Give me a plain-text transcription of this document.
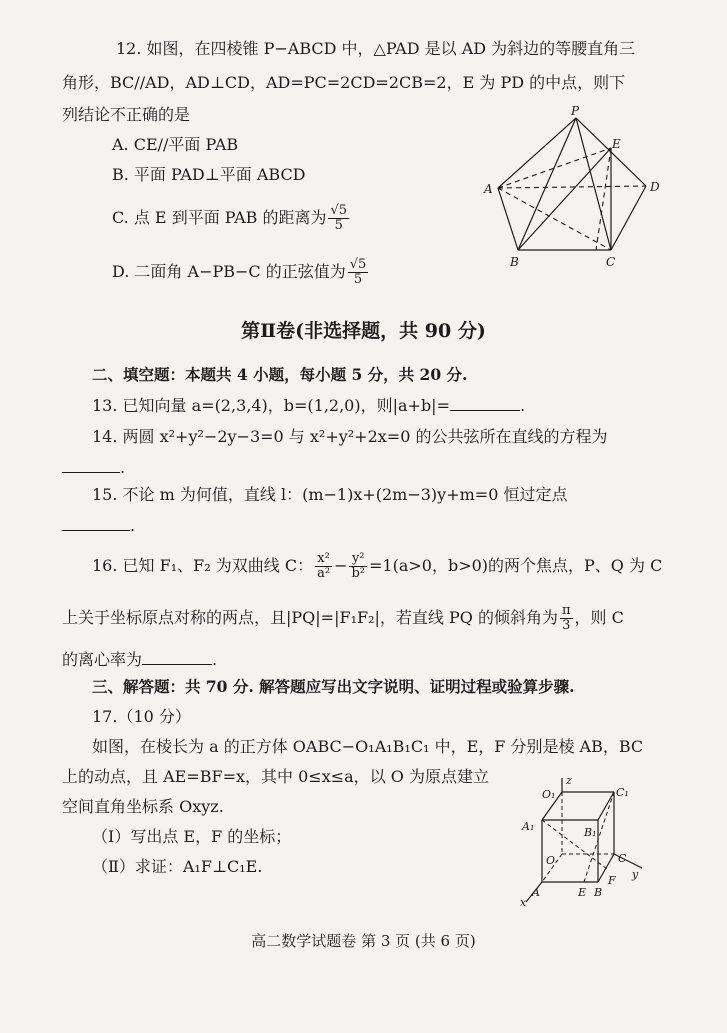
12. 如图，在四棱锥 P−ABCD 中，△PAD 是以 AD 为斜边的等腰直角三
角形，BC//AD，AD⊥CD，AD=PC=2CD=2CB=2，E 为 PD 的中点，则下
列结论不正确的是
A. CE//平面 PAB
B. 平面 PAD⊥平面 ABCD
C. 点 E 到平面 PAB 的距离为 $\frac{√5}{5}$
D. 二面角 A−PB−C 的正弦值为 $\frac{√5}{5}$
P
E
A	D
B	C
第Ⅱ卷(非选择题，共 90 分)
二、填空题：本题共 4 小题，每小题 5 分，共 20 分.
13. 已知向量 a=(2,3,4)，b=(1,2,0)，则|a+b|=	.
14. 两圆 x²+y²−2y−3=0 与 x²+y²+2x=0 的公共弦所在直线的方程为
.
15. 不论 m 为何值，直线 l：(m−1)x+(2m−3)y+m=0 恒过定点
.
16. 已知 F₁、F₂ 为双曲线 C： $\frac{\text{x²}}{\text{a²}} - \frac{\text{y²}}{\text{b²}} =1(a>0$，b>0)的两个焦点，P、Q 为 C
上关于坐标原点对称的两点，且|PQ|=|F₁F₂|，若直线 PQ 的倾斜角为 $\frac{\pi}{3}$ ，则 C
的离心率为	.
三、解答题：共 70 分. 解答题应写出文字说明、证明过程或验算步骤.
17.（10 分）
如图，在棱长为 a 的正方体 OABC−O₁A₁B₁C₁ 中，E，F 分别是棱 AB，BC
上的动点，且 AE=BF=x，其中 0≤x≤a，以 O 为原点建立
空间直角坐标系 Oxyz.
（Ⅰ）写出点 E，F 的坐标；
（Ⅱ）求证：A₁F⊥C₁E.
z
O₁	C₁
A₁	B₁
O	C
y
F
A	E B
x
高二数学试题卷 第 3 页 (共 6 页)
